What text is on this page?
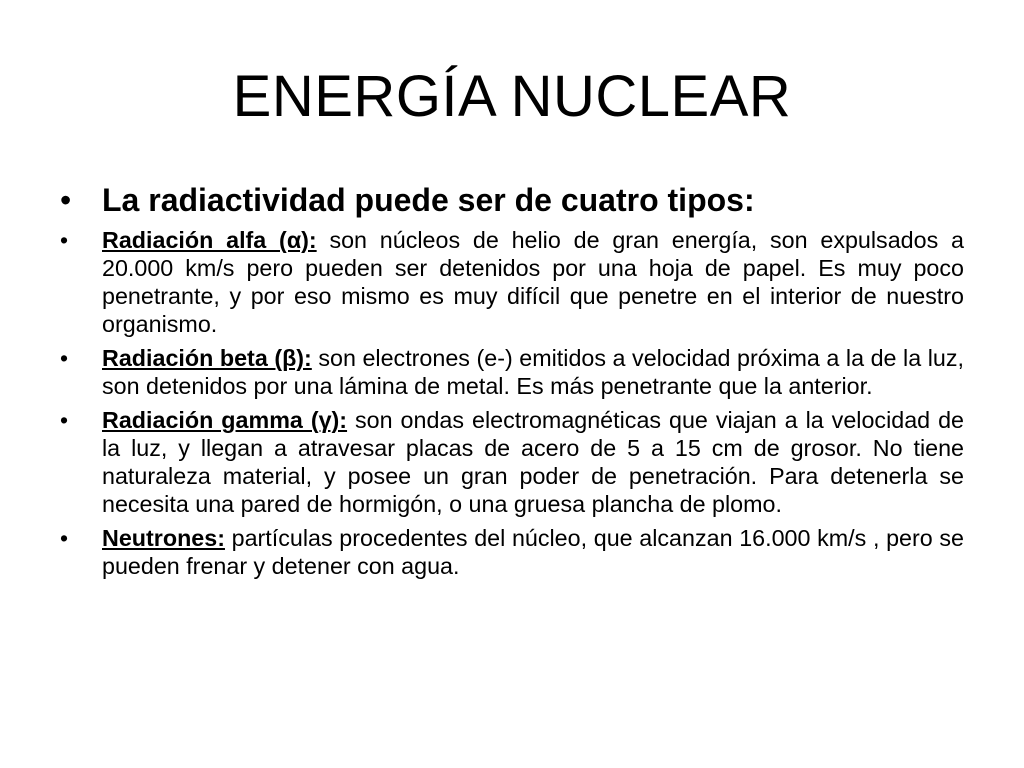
ENERGÍA NUCLEAR
• La radiactividad puede ser de cuatro tipos:
• Radiación alfa (α): son núcleos de helio de gran energía, son expulsados a 20.000 km/s pero pueden ser detenidos por una hoja de papel. Es muy poco penetrante, y por eso mismo es muy difícil que penetre en el interior de nuestro organismo.
• Radiación beta (β): son electrones (e-) emitidos a velocidad próxima a la de la luz, son detenidos por una lámina de metal. Es más penetrante que la anterior.
• Radiación gamma (γ): son ondas electromagnéticas que viajan a la velocidad de la luz, y llegan a atravesar placas de acero de 5 a 15 cm de grosor. No tiene naturaleza material, y posee un gran poder de penetración. Para detenerla se necesita una pared de hormigón, o una gruesa plancha de plomo.
• Neutrones: partículas procedentes del núcleo, que alcanzan 16.000 km/s , pero se pueden frenar y detener con agua.
